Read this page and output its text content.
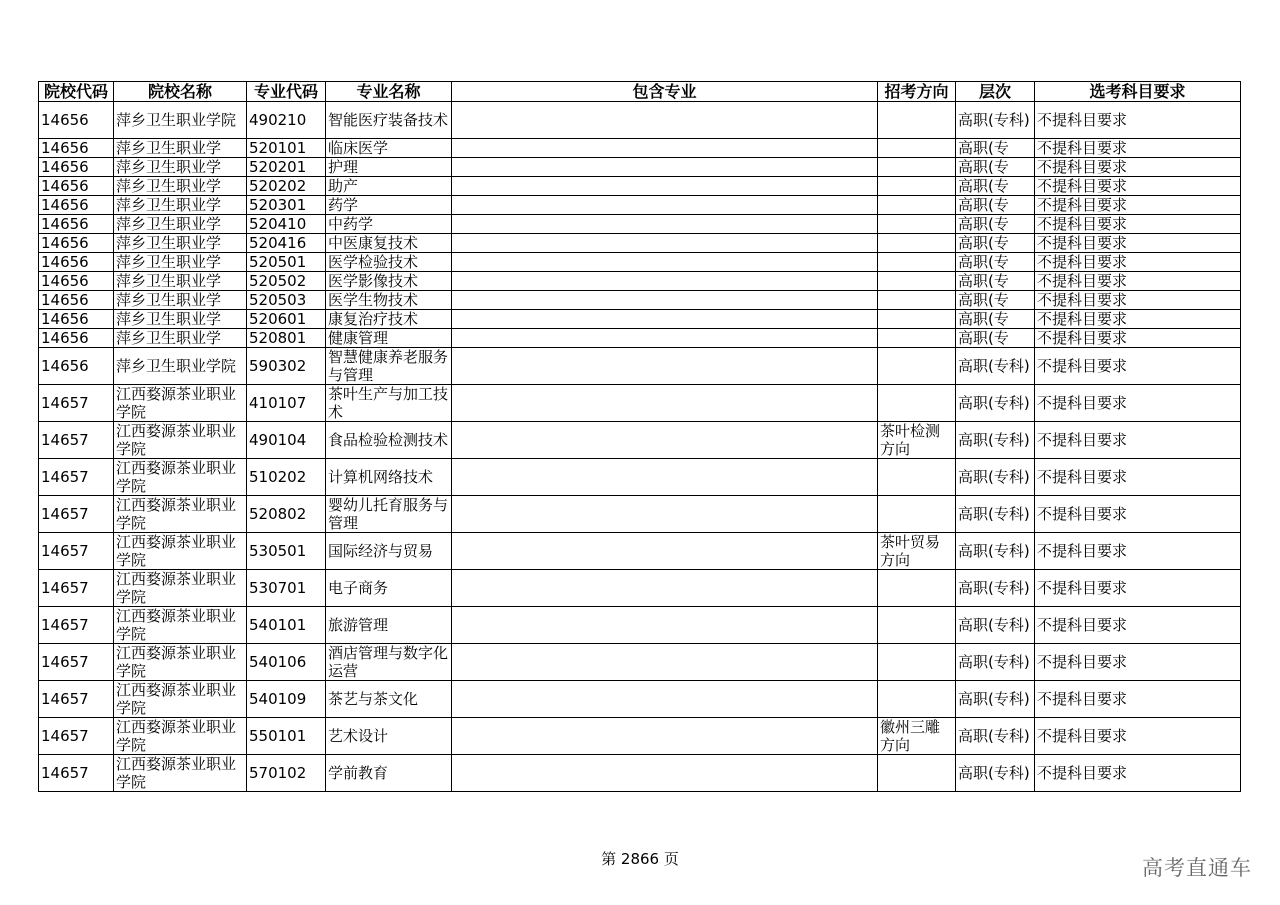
院校代码	院校名称	专业代码	专业名称	包含专业	招考方向	层次	选考科目要求
14656	萍乡卫生职业学院	490210	智能医疗装备技术			高职(专科)	不提科目要求
14656	萍乡卫生职业学	520101	临床医学			高职(专	不提科目要求
14656	萍乡卫生职业学	520201	护理			高职(专	不提科目要求
14656	萍乡卫生职业学	520202	助产			高职(专	不提科目要求
14656	萍乡卫生职业学	520301	药学			高职(专	不提科目要求
14656	萍乡卫生职业学	520410	中药学			高职(专	不提科目要求
14656	萍乡卫生职业学	520416	中医康复技术			高职(专	不提科目要求
14656	萍乡卫生职业学	520501	医学检验技术			高职(专	不提科目要求
14656	萍乡卫生职业学	520502	医学影像技术			高职(专	不提科目要求
14656	萍乡卫生职业学	520503	医学生物技术			高职(专	不提科目要求
14656	萍乡卫生职业学	520601	康复治疗技术			高职(专	不提科目要求
14656	萍乡卫生职业学	520801	健康管理			高职(专	不提科目要求
14656	萍乡卫生职业学院	590302	智慧健康养老服务与管理			高职(专科)	不提科目要求
14657	江西婺源茶业职业学院	410107	茶叶生产与加工技术			高职(专科)	不提科目要求
14657	江西婺源茶业职业学院	490104	食品检验检测技术		茶叶检测方向	高职(专科)	不提科目要求
14657	江西婺源茶业职业学院	510202	计算机网络技术			高职(专科)	不提科目要求
14657	江西婺源茶业职业学院	520802	婴幼儿托育服务与管理			高职(专科)	不提科目要求
14657	江西婺源茶业职业学院	530501	国际经济与贸易		茶叶贸易方向	高职(专科)	不提科目要求
14657	江西婺源茶业职业学院	530701	电子商务			高职(专科)	不提科目要求
14657	江西婺源茶业职业学院	540101	旅游管理			高职(专科)	不提科目要求
14657	江西婺源茶业职业学院	540106	酒店管理与数字化运营			高职(专科)	不提科目要求
14657	江西婺源茶业职业学院	540109	茶艺与茶文化			高职(专科)	不提科目要求
14657	江西婺源茶业职业学院	550101	艺术设计		徽州三雕方向	高职(专科)	不提科目要求
14657	江西婺源茶业职业学院	570102	学前教育			高职(专科)	不提科目要求
第 2866 页	高考直通车
